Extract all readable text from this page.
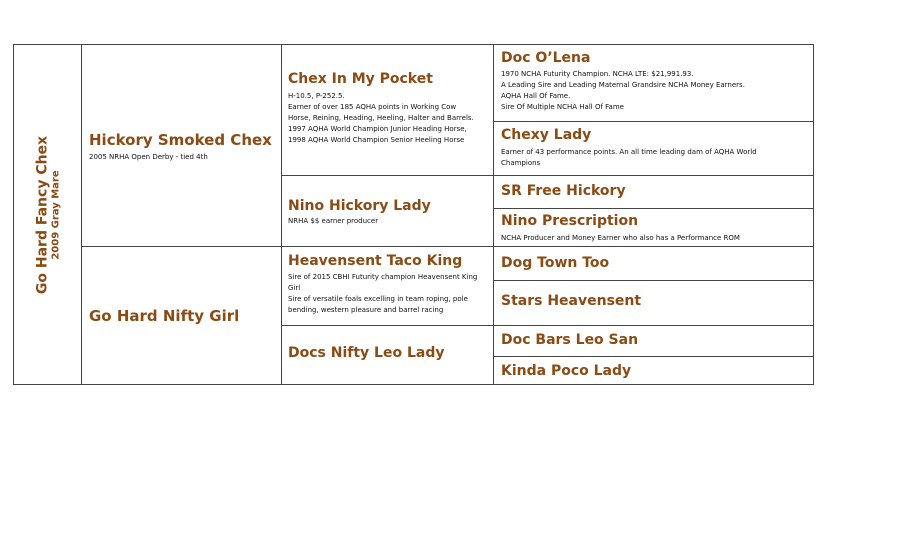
Go Hard Fancy Chex 2009 Gray Mare
Hickory Smoked Chex
2005 NRHA Open Derby - tied 4th
Go Hard Nifty Girl
Chex In My Pocket
H-10.5, P-252.5.
Earner of over 185 AQHA points in Working Cow
Horse, Reining, Heading, Heeling, Halter and Barrels.
1997 AQHA World Champion Junior Heading Horse,
1998 AQHA World Champion Senior Heeling Horse
Nino Hickory Lady
NRHA $$ earner producer
Heavensent Taco King
Sire of 2015 CBHI Futurity champion Heavensent King
Girl
Sire of versatile foals excelling in team roping, pole
bending, western pleasure and barrel racing
Docs Nifty Leo Lady
Doc O’Lena
1970 NCHA Futurity Champion. NCHA LTE: $21,991.93.
A Leading Sire and Leading Maternal Grandsire NCHA Money Earners.
AQHA Hall Of Fame.
Sire Of Multiple NCHA Hall Of Fame
Chexy Lady
Earner of 43 performance points. An all time leading dam of AQHA World
Champions
SR Free Hickory
Nino Prescription
NCHA Producer and Money Earner who also has a Performance ROM
Dog Town Too
Stars Heavensent
Doc Bars Leo San
Kinda Poco Lady
